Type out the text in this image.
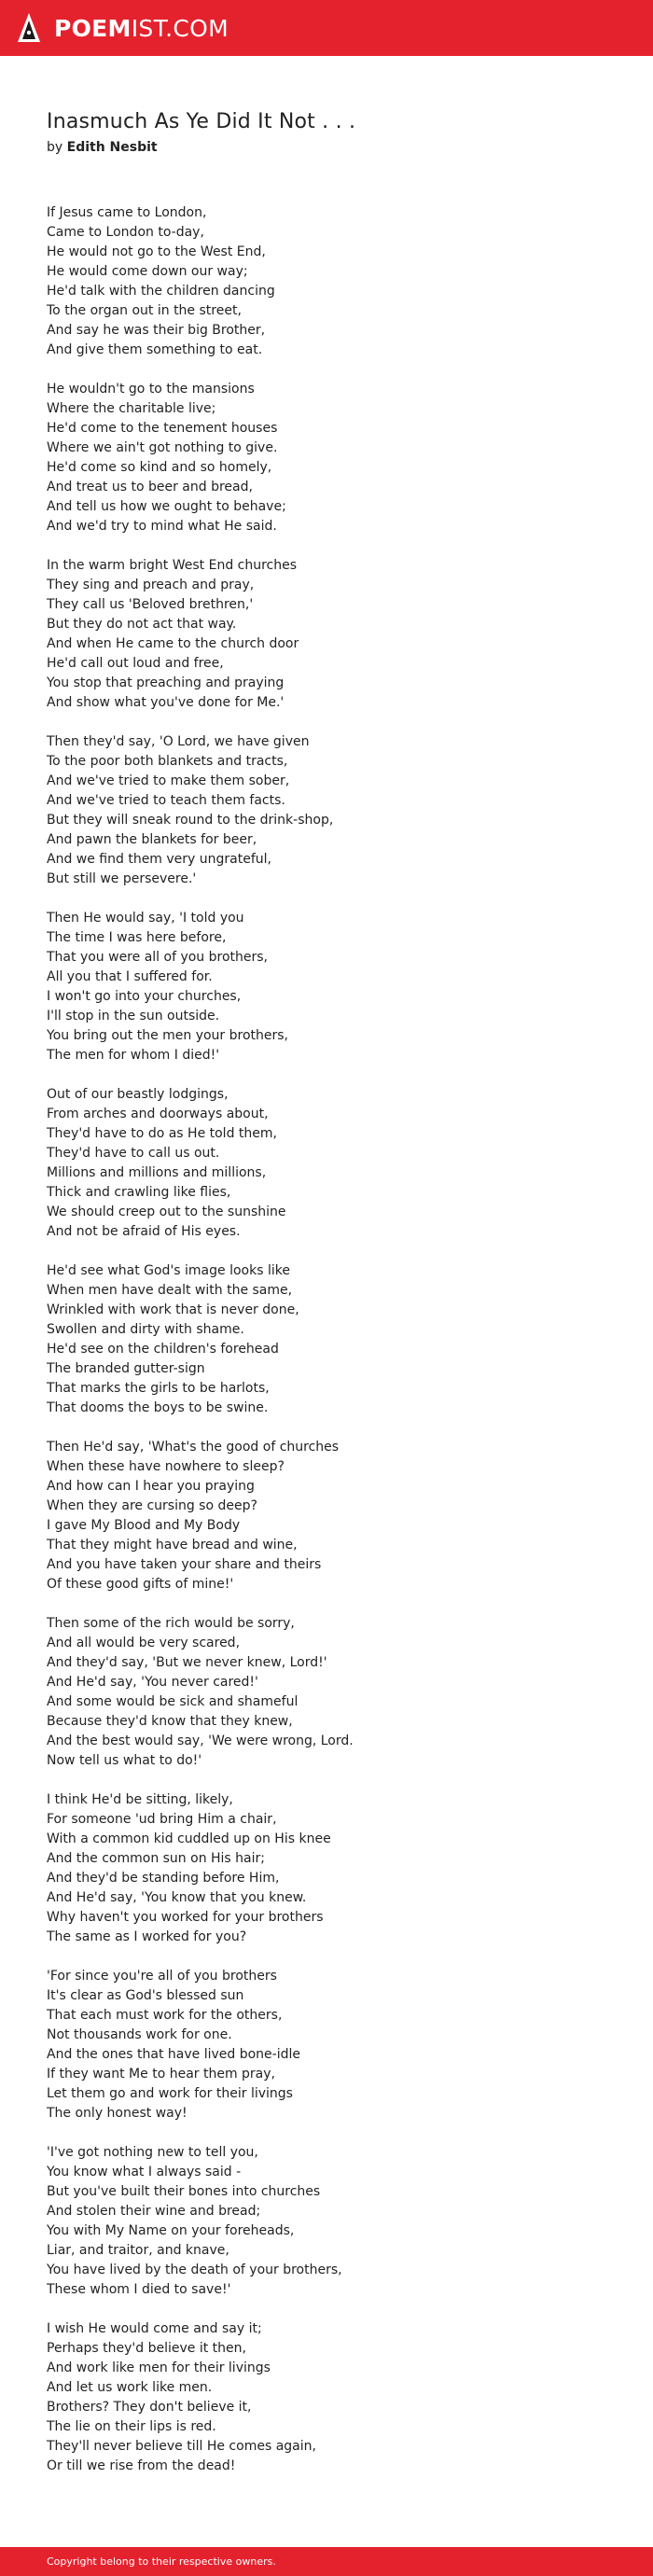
POEMIST.COM
Inasmuch As Ye Did It Not . . .
by Edith Nesbit
If Jesus came to London,
Came to London to-day,
He would not go to the West End,
He would come down our way;
He'd talk with the children dancing
To the organ out in the street,
And say he was their big Brother,
And give them something to eat.
He wouldn't go to the mansions
Where the charitable live;
He'd come to the tenement houses
Where we ain't got nothing to give.
He'd come so kind and so homely,
And treat us to beer and bread,
And tell us how we ought to behave;
And we'd try to mind what He said.
In the warm bright West End churches
They sing and preach and pray,
They call us 'Beloved brethren,'
But they do not act that way.
And when He came to the church door
He'd call out loud and free,
You stop that preaching and praying
And show what you've done for Me.'
Then they'd say, 'O Lord, we have given
To the poor both blankets and tracts,
And we've tried to make them sober,
And we've tried to teach them facts.
But they will sneak round to the drink-shop,
And pawn the blankets for beer,
And we find them very ungrateful,
But still we persevere.'
Then He would say, 'I told you
The time I was here before,
That you were all of you brothers,
All you that I suffered for.
I won't go into your churches,
I'll stop in the sun outside.
You bring out the men your brothers,
The men for whom I died!'
Out of our beastly lodgings,
From arches and doorways about,
They'd have to do as He told them,
They'd have to call us out.
Millions and millions and millions,
Thick and crawling like flies,
We should creep out to the sunshine
And not be afraid of His eyes.
He'd see what God's image looks like
When men have dealt with the same,
Wrinkled with work that is never done,
Swollen and dirty with shame.
He'd see on the children's forehead
The branded gutter-sign
That marks the girls to be harlots,
That dooms the boys to be swine.
Then He'd say, 'What's the good of churches
When these have nowhere to sleep?
And how can I hear you praying
When they are cursing so deep?
I gave My Blood and My Body
That they might have bread and wine,
And you have taken your share and theirs
Of these good gifts of mine!'
Then some of the rich would be sorry,
And all would be very scared,
And they'd say, 'But we never knew, Lord!'
And He'd say, 'You never cared!'
And some would be sick and shameful
Because they'd know that they knew,
And the best would say, 'We were wrong, Lord.
Now tell us what to do!'
I think He'd be sitting, likely,
For someone 'ud bring Him a chair,
With a common kid cuddled up on His knee
And the common sun on His hair;
And they'd be standing before Him,
And He'd say, 'You know that you knew.
Why haven't you worked for your brothers
The same as I worked for you?
'For since you're all of you brothers
It's clear as God's blessed sun
That each must work for the others,
Not thousands work for one.
And the ones that have lived bone-idle
If they want Me to hear them pray,
Let them go and work for their livings
The only honest way!
'I've got nothing new to tell you,
You know what I always said -
But you've built their bones into churches
And stolen their wine and bread;
You with My Name on your foreheads,
Liar, and traitor, and knave,
You have lived by the death of your brothers,
These whom I died to save!'
I wish He would come and say it;
Perhaps they'd believe it then,
And work like men for their livings
And let us work like men.
Brothers? They don't believe it,
The lie on their lips is red.
They'll never believe till He comes again,
Or till we rise from the dead!
Copyright belong to their respective owners.
